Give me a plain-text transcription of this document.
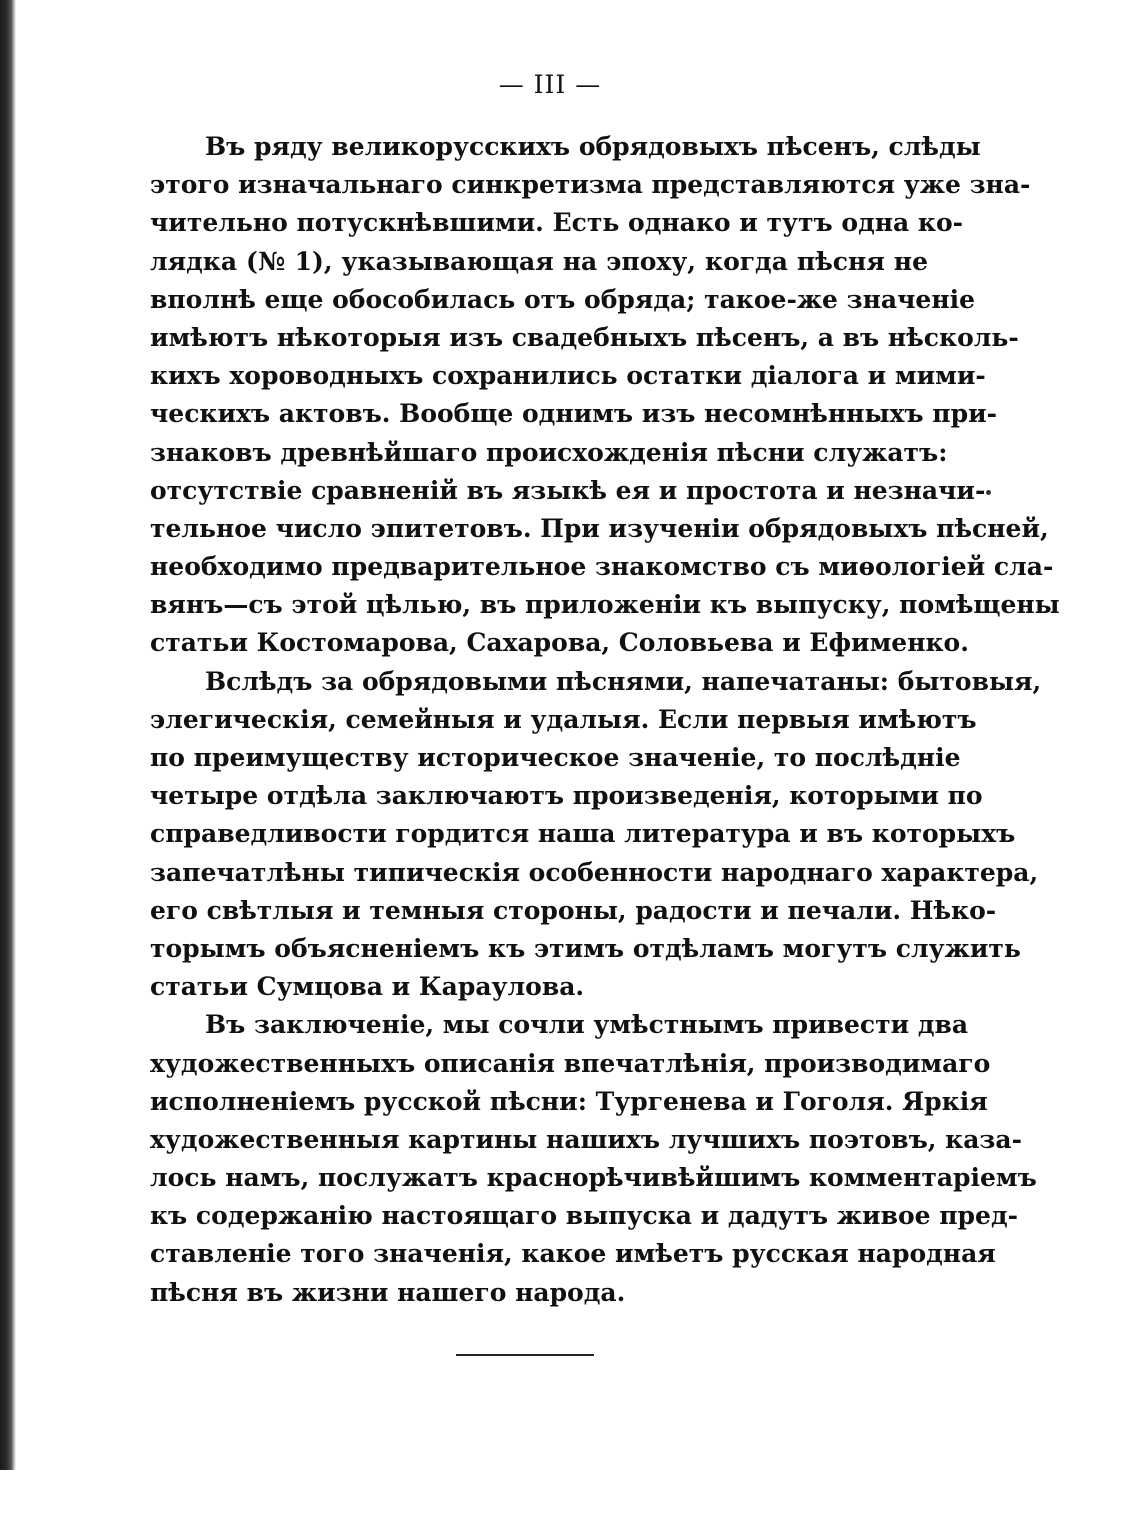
— III —
Въ ряду великорусскихъ обрядовыхъ пѣсенъ, слѣды
этого изначальнаго синкретизма представляются уже зна-
чительно потускнѣвшими. Есть однако и тутъ одна ко-
лядка (№ 1), указывающая на эпоху, когда пѣсня не
вполнѣ еще обособилась отъ обряда; такое-же значенiе
имѣютъ нѣкоторыя изъ свадебныхъ пѣсенъ, а въ нѣсколь-
кихъ хороводныхъ сохранились остатки дiалога и мими-
ческихъ актовъ. Вообще однимъ изъ несомнѣнныхъ при-
знаковъ древнѣйшаго происхожденiя пѣсни служатъ:
отсутствiе сравненiй въ языкѣ ея и простота и незначи-
тельное число эпитетовъ. При изученiи обрядовыхъ пѣсней,
необходимо предварительное знакомство съ миѳологiей сла-
вянъ—съ этой цѣлью, въ приложенiи къ выпуску, помѣщены
статьи Костомарова, Сахарова, Соловьева и Ефименко.
Вслѣдъ за обрядовыми пѣснями, напечатаны: бытовыя,
элегическiя, семейныя и удалыя. Если первыя имѣютъ
по преимуществу историческое значенiе, то послѣднiе
четыре отдѣла заключаютъ произведенiя, которыми по
справедливости гордится наша литература и въ которыхъ
запечатлѣны типическiя особенности народнаго характера,
его свѣтлыя и темныя стороны, радости и печали. Нѣко-
торымъ объясненiемъ къ этимъ отдѣламъ могутъ служить
статьи Сумцова и Караулова.
Въ заключенiе, мы сочли умѣстнымъ привести два
художественныхъ описанiя впечатлѣнiя, производимаго
исполненiемъ русской пѣсни: Тургенева и Гоголя. Яркiя
художественныя картины нашихъ лучшихъ поэтовъ, каза-
лось намъ, послужатъ краснорѣчивѣйшимъ комментарiемъ
къ содержанiю настоящаго выпуска и дадутъ живое пред-
ставленiе того значенiя, какое имѣетъ русская народная
пѣсня въ жизни нашего народа.
